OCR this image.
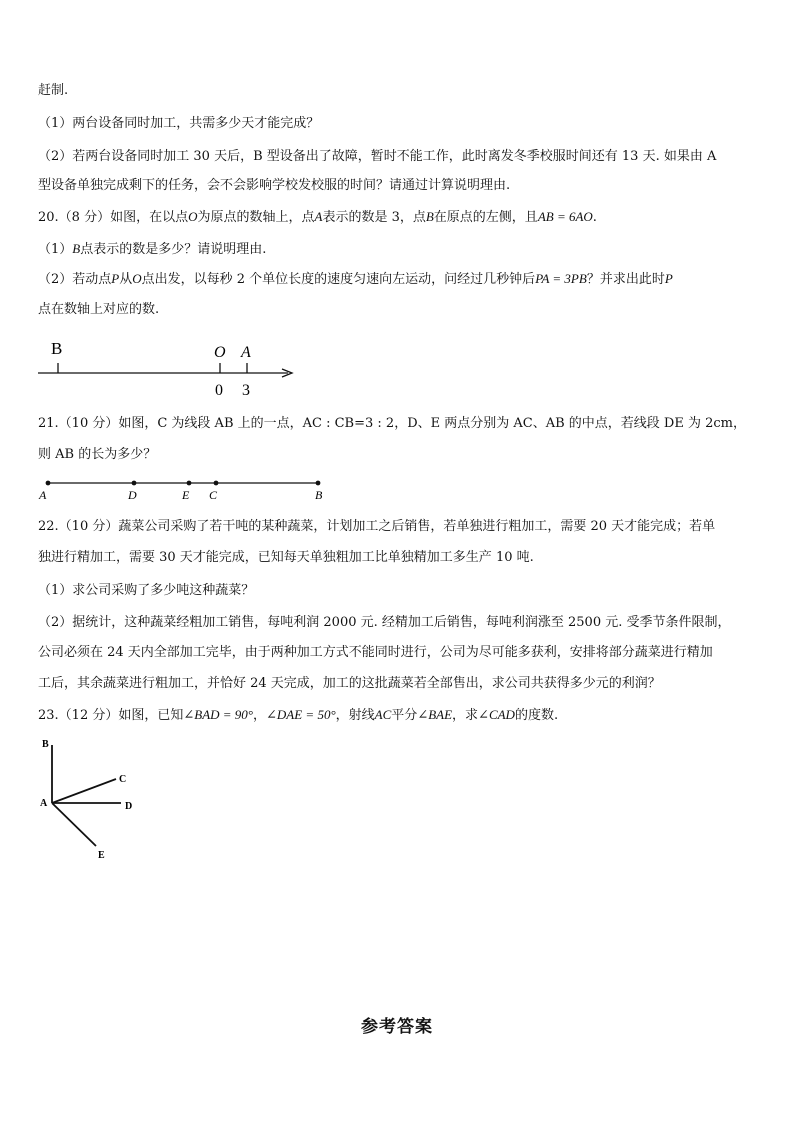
赶制.
（1）两台设备同时加工，共需多少天才能完成？
（2）若两台设备同时加工 30 天后，B 型设备出了故障，暂时不能工作，此时离发冬季校服时间还有 13 天. 如果由 A
型设备单独完成剩下的任务，会不会影响学校发校服的时间？请通过计算说明理由.
20.（8 分）如图，在以点O为原点的数轴上，点A表示的数是 3，点B在原点的左侧，且AB = 6AO.
（1）B点表示的数是多少？请说明理由.
（2）若动点P从O点出发，以每秒 2 个单位长度的速度匀速向左运动，问经过几秒钟后PA = 3PB？并求出此时P
点在数轴上对应的数.
B	O A
0 3
21.（10 分）如图，C 为线段 AB 上的一点，AC : CB=3 : 2，D、E 两点分别为 AC、AB 的中点，若线段 DE 为 2cm，
则 AB 的长为多少？
A	D	E C	B
22.（10 分）蔬菜公司采购了若干吨的某种蔬菜，计划加工之后销售，若单独进行粗加工，需要 20 天才能完成；若单
独进行精加工，需要 30 天才能完成，已知每天单独粗加工比单独精加工多生产 10 吨.
（1）求公司采购了多少吨这种蔬菜？
（2）据统计，这种蔬菜经粗加工销售，每吨利润 2000 元. 经精加工后销售，每吨利润涨至 2500 元. 受季节条件限制，
公司必须在 24 天内全部加工完毕，由于两种加工方式不能同时进行，公司为尽可能多获利，安排将部分蔬菜进行精加
工后，其余蔬菜进行粗加工，并恰好 24 天完成，加工的这批蔬菜若全部售出，求公司共获得多少元的利润？
23.（12 分）如图，已知∠BAD = 90°，∠DAE = 50°，射线AC平分∠BAE，求∠CAD的度数.
B
C
A	D
E
参考答案
